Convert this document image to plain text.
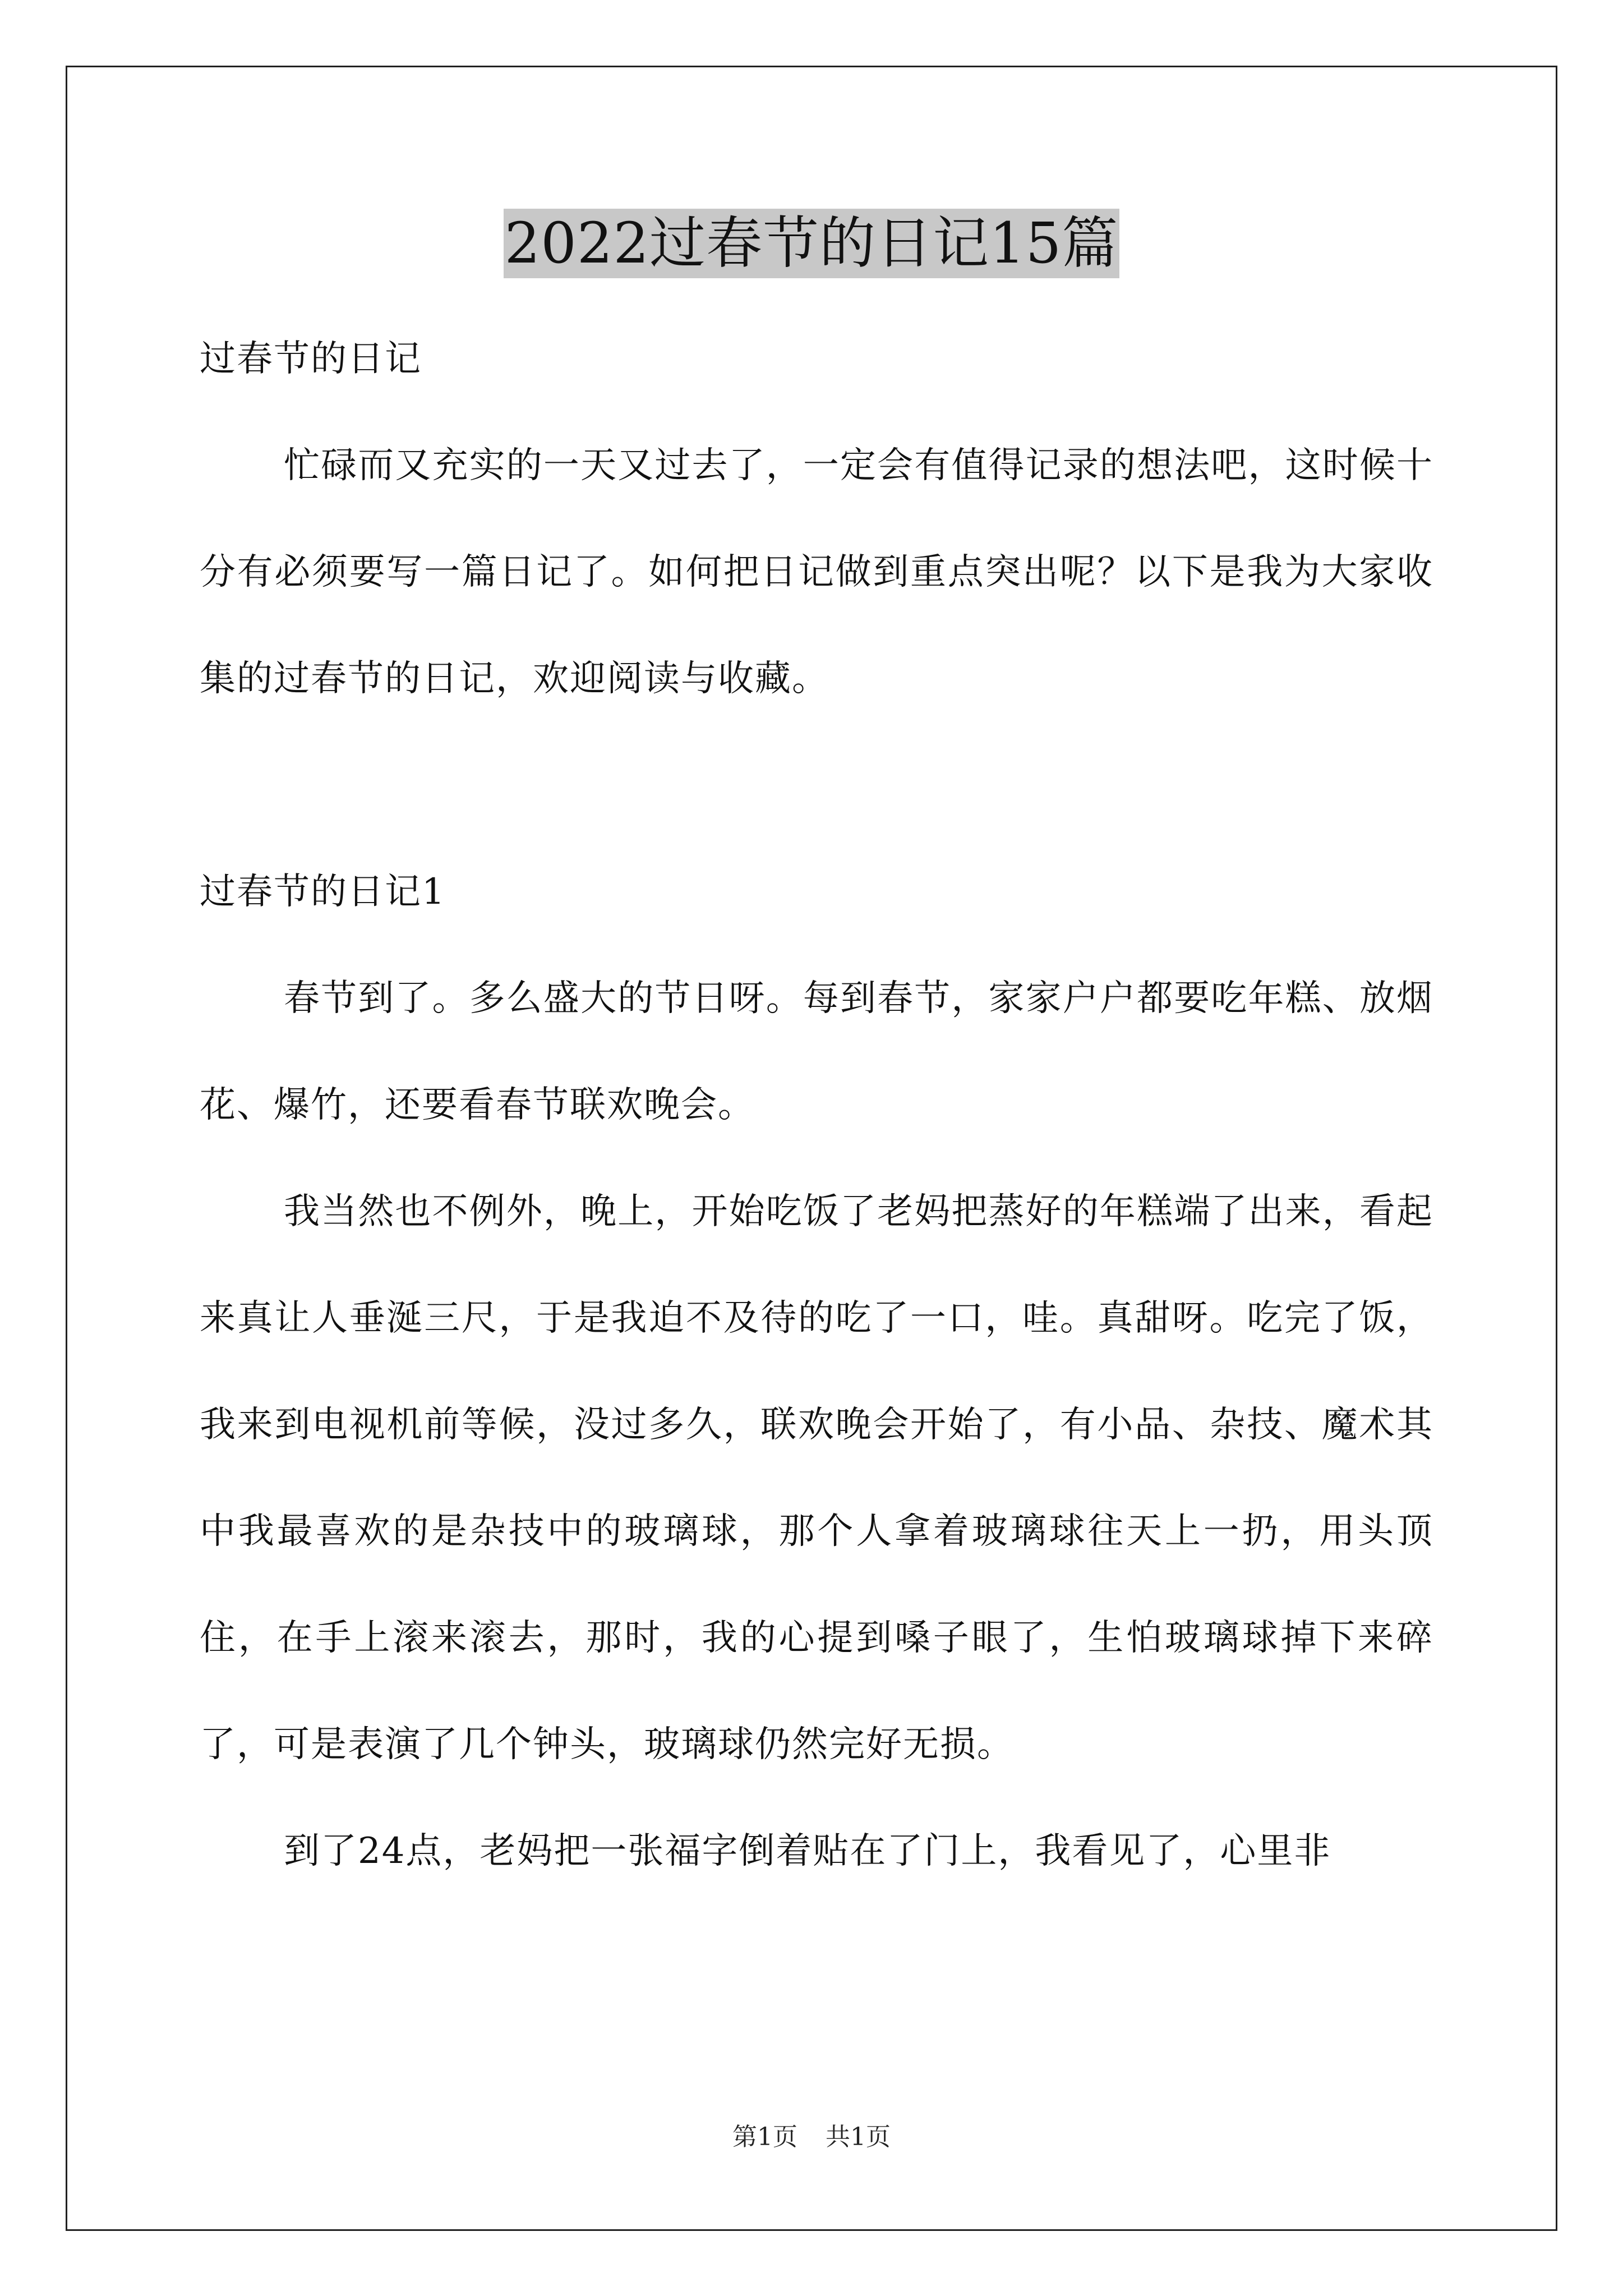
2022过春节的日记15篇

过春节的日记

忙碌而又充实的一天又过去了，一定会有值得记录的想法吧，这时候十分有必须要写一篇日记了。如何把日记做到重点突出呢？以下是我为大家收集的过春节的日记，欢迎阅读与收藏。

过春节的日记1

春节到了。多么盛大的节日呀。每到春节，家家户户都要吃年糕、放烟花、爆竹，还要看春节联欢晚会。

我当然也不例外，晚上，开始吃饭了老妈把蒸好的年糕端了出来，看起来真让人垂涎三尺，于是我迫不及待的吃了一口，哇。真甜呀。吃完了饭，我来到电视机前等候，没过多久，联欢晚会开始了，有小品、杂技、魔术其中我最喜欢的是杂技中的玻璃球，那个人拿着玻璃球往天上一扔，用头顶住，在手上滚来滚去，那时，我的心提到嗓子眼了，生怕玻璃球掉下来碎了，可是表演了几个钟头，玻璃球仍然完好无损。

到了24点，老妈把一张福字倒着贴在了门上，我看见了，心里非

第1页 共1页
